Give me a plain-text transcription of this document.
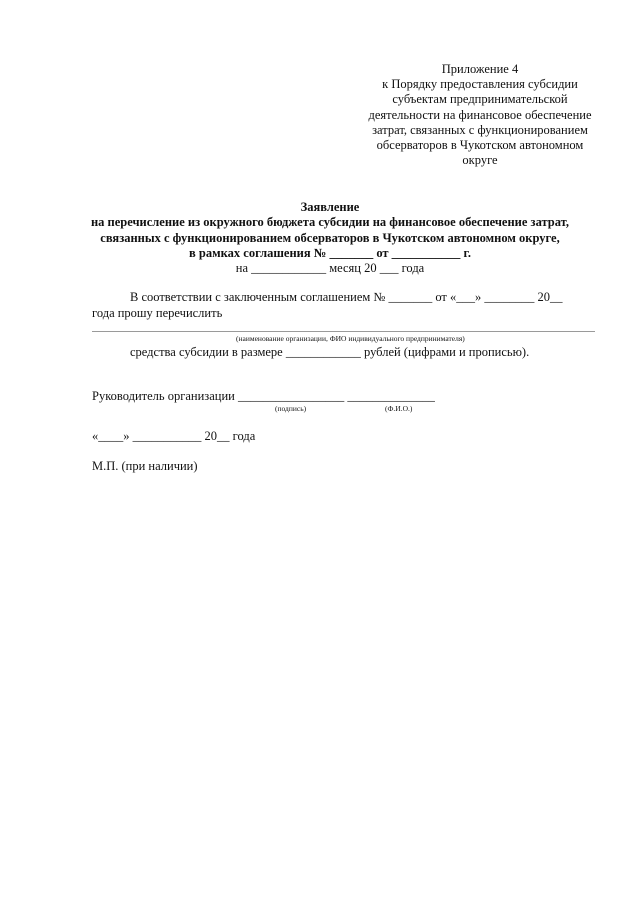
Приложение 4
к Порядку предоставления субсидии
субъектам предпринимательской
деятельности на финансовое обеспечение
затрат, связанных с функционированием
обсерваторов в Чукотском автономном
округе
Заявление
на перечисление из окружного бюджета субсидии на финансовое обеспечение затрат,
связанных с функционированием обсерваторов в Чукотском автономном округе,
в рамках соглашения № _______ от ___________ г.
на ____________ месяц 20 ___ года
В соответствии с заключенным соглашением № _______ от «___» ________ 20__
года прошу перечислить
(наименование организации, ФИО индивидуального предпринимателя)
средства субсидии в размере ____________ рублей (цифрами и прописью).
Руководитель организации _________________ ______________
(подпись)	(Ф.И.О.)
«____» ___________ 20__ года
М.П. (при наличии)
